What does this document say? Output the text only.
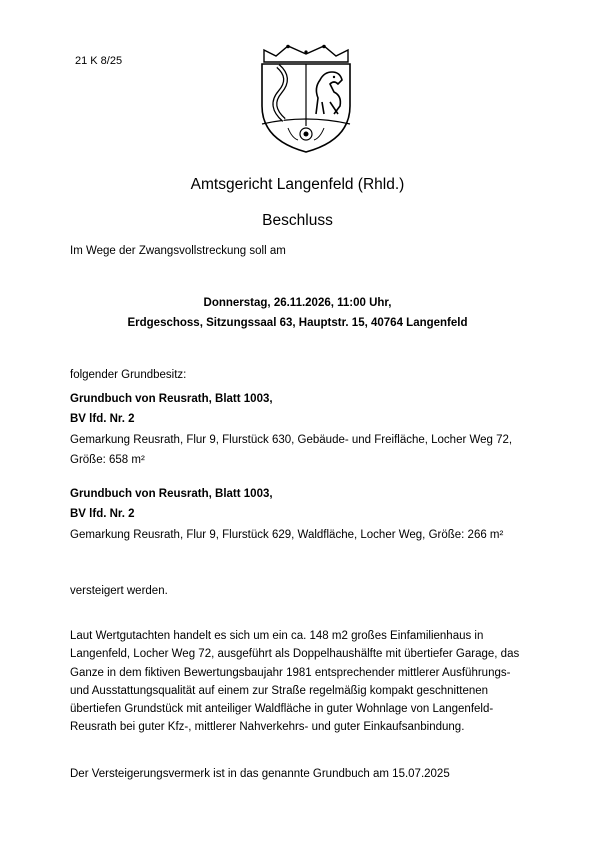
21 K 8/25
Amtsgericht Langenfeld (Rhld.)
Beschluss
Im Wege der Zwangsvollstreckung soll am
Donnerstag, 26.11.2026, 11:00 Uhr,
Erdgeschoss, Sitzungssaal 63, Hauptstr. 15, 40764 Langenfeld
folgender Grundbesitz:
Grundbuch von Reusrath, Blatt 1003,
BV lfd. Nr. 2
Gemarkung Reusrath, Flur 9, Flurstück 630, Gebäude- und Freifläche, Locher Weg 72, Größe: 658 m²
Grundbuch von Reusrath, Blatt 1003,
BV lfd. Nr. 2
Gemarkung Reusrath, Flur 9, Flurstück 629, Waldfläche, Locher Weg, Größe: 266 m²
versteigert werden.
Laut Wertgutachten handelt es sich um ein ca. 148 m2 großes Einfamilienhaus in Langenfeld, Locher Weg 72, ausgeführt als Doppelhaushälfte mit übertiefer Garage, das Ganze in dem fiktiven Bewertungsbaujahr 1981 entsprechender mittlerer Ausführungs- und Ausstattungsqualität auf einem zur Straße regelmäßig kompakt geschnittenen übertiefen Grundstück mit anteiliger Waldfläche in guter Wohnlage von Langenfeld-Reusrath bei guter Kfz-, mittlerer Nahverkehrs- und guter Einkaufsanbindung.
Der Versteigerungsvermerk ist in das genannte Grundbuch am 15.07.2025
